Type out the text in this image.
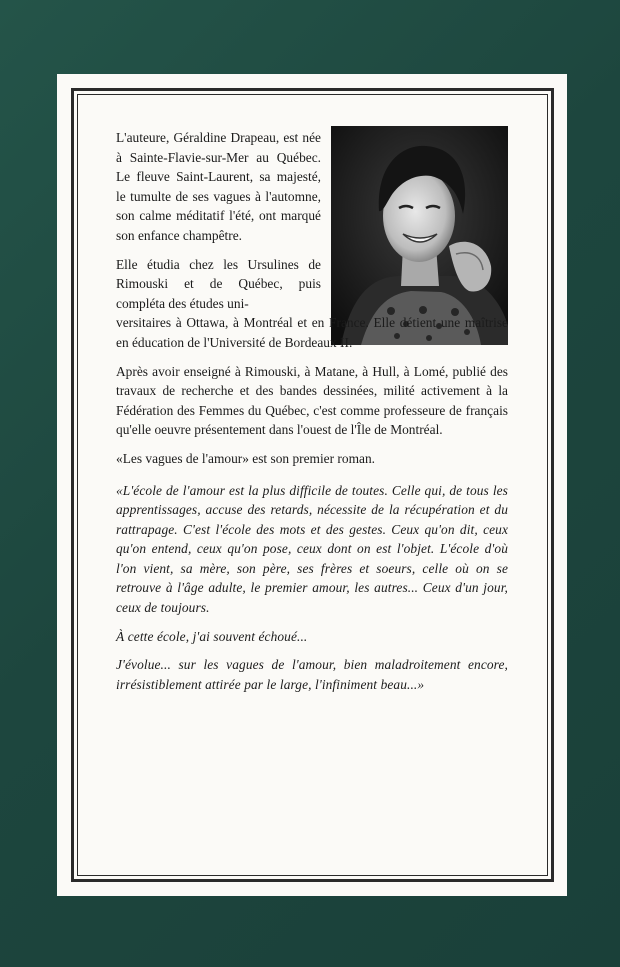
L'auteure, Géraldine Drapeau, est née à Sainte-Flavie-sur-Mer au Québec. Le fleuve Saint-Laurent, sa majesté, le tumulte de ses vagues à l'automne, son calme méditatif l'été, ont marqué son enfance champêtre.

Elle étudia chez les Ursulines de Rimouski et de Québec, puis compléta des études uni-

versitaires à Ottawa, à Montréal et en France. Elle détient une maîtrise en éducation de l'Université de Bordeaux II.

Après avoir enseigné à Rimouski, à Matane, à Hull, à Lomé, publié des travaux de recherche et des bandes dessinées, milité activement à la Fédération des Femmes du Québec, c'est comme professeure de français qu'elle oeuvre présentement dans l'ouest de l'Île de Montréal.

«Les vagues de l'amour» est son premier roman.

«L'école de l'amour est la plus difficile de toutes. Celle qui, de tous les apprentissages, accuse des retards, nécessite de la récupération et du rattrapage. C'est l'école des mots et des gestes. Ceux qu'on dit, ceux qu'on entend, ceux qu'on pose, ceux dont on est l'objet. L'école d'où l'on vient, sa mère, son père, ses frères et soeurs, celle où on se retrouve à l'âge adulte, le premier amour, les autres... Ceux d'un jour, ceux de toujours.

À cette école, j'ai souvent échoué...

J'évolue... sur les vagues de l'amour, bien maladroitement encore, irrésistiblement attirée par le large, l'infiniment beau...»
